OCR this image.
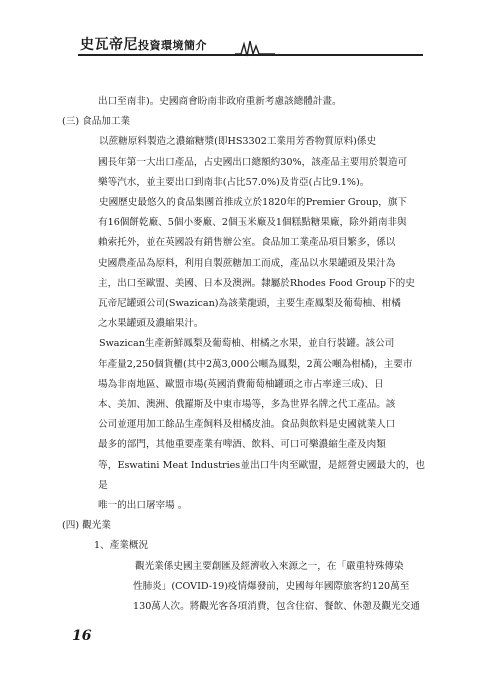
史瓦帝尼投資環境簡介

出口至南非)。史國商會盼南非政府重新考慮該總體計畫。

(三) 食品加工業

以蔗糖原料製造之濃縮糖漿(即HS3302工業用芳香物質原料)係史

國長年第一大出口產品，占史國出口總額約30%，該產品主要用於製造可

樂等汽水，並主要出口到南非(占比57.0%)及肯亞(占比9.1%)。

史國歷史最悠久的食品集團首推成立於1820年的Premier Group，旗下

有16個餅乾廠、5個小麥廠、2個玉米廠及1個糕點糖果廠，除外銷南非與

賴索托外，並在英國設有銷售辦公室。食品加工業產品項目繁多，係以

史國農產品為原料，利用自製蔗糖加工而成，產品以水果罐頭及果汁為

主，出口至歐盟、美國、日本及澳洲。隸屬於Rhodes Food Group下的史

瓦帝尼罐頭公司(Swazican)為該業龍頭，主要生產鳳梨及葡萄柚、柑橘

之水果罐頭及濃縮果汁。

Swazican生產新鮮鳳梨及葡萄柚、柑橘之水果，並自行裝罐。該公司

年產量2,250個貨櫃(其中2萬3,000公噸為鳳梨，2萬公噸為柑橘)，主要市

場為非南地區、歐盟市場(英國消費葡萄柚罐頭之市占率達三成)、日

本、美加、澳洲、俄羅斯及中東市場等，多為世界名牌之代工產品。該

公司並運用加工餘品生產飼料及柑橘皮油。食品與飲料是史國就業人口

最多的部門，其他重要產業有啤酒、飲料、可口可樂濃縮生產及肉類

等，Eswatini Meat Industries並出口牛肉至歐盟，是經營史國最大的，也是

唯一的出口屠宰場 。

(四) 觀光業

1、產業概況

觀光業係史國主要創匯及經濟收入來源之一，在「嚴重特殊傳染

性肺炎」(COVID-19)疫情爆發前，史國每年國際旅客約120萬至

130萬人次。將觀光客各項消費，包含住宿、餐飲、休憩及觀光交通

16
